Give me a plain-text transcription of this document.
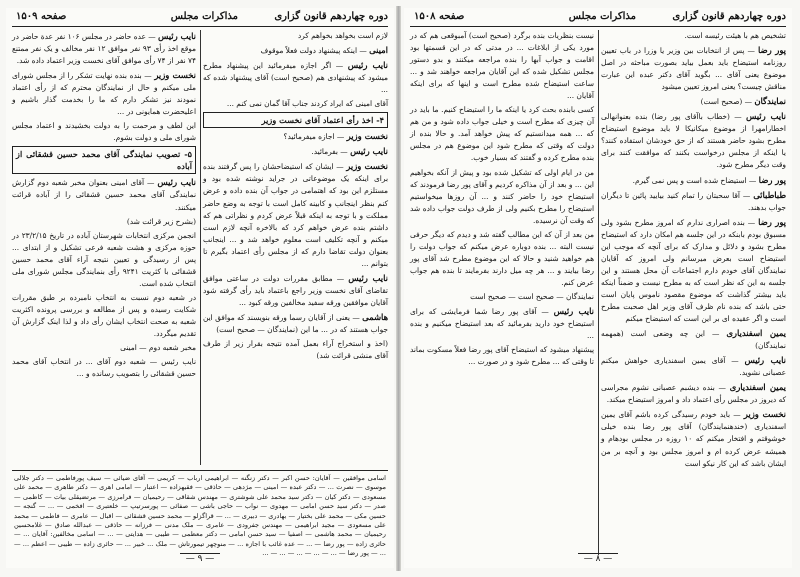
دوره چهاردهم قانون گزاری
مذاکرات مجلس
صفحه ۱۵۰۹

لازم است بخواهد بخواهم کرد

امینی — اینکه پیشنهاد دولت فعلاً موقوف

نایب رئیس — اگر اجازه میفرمائید این پیشنهاد مطرح میشود که پیشنهادی هم (صحیح است) آقای پیشنهاد شده که ...

آقای امینی که ایراد کردند جناب آقا گمان نمی کنم ...

۴- اخذ رأی اعتماد آقای نخست وزیر

نخست وزیر — اجازه میفرمائید؟

نایب رئیس — بفرمائید.

نخست وزیر — ایشان که استیضاحشان را پس گرفتند بنده برای اینکه یک موضوعاتی در جراید نوشته شده بود و مستلزم این بود که اهتمامی در جواب آن بنده داده و عرض کنم بنظر اینجانب و کابینه کامل است با توجه به وضع حاضر مملکت و با توجه به اینکه قبلاً عرض کردم و نظراتی هم که داشتم بنده عرض خواهم کرد که بالاخره آنچه لازم است میکنم و آنچه تکلیف است معلوم خواهد شد و ... اینجانب بعنوان دولت تقاضا دارم که از مجلس رأی اعتماد بگیرم تا بتوانم ...

نایب رئیس — مطابق مقررات دولت در ساعتی موافق تقاضای آقای نخست وزیر راجع باعتماد باید رأی گرفته شود آقایان موافقین ورقه سفید مخالفین ورقه کبود ...

هاشمی — یعنی از آقایان رسما ورقه بنویسند که موافق این جواب هستند که در ... ما این (نمایندگان — صحیح است)

(اخذ و استخراج آراء بعمل آمده نتیجه بقرار زیر از طرف آقای منشی قرائت شد)

نایب رئیس — عده حاضر در مجلس ۱۰۶ نفر عدة حاضر در موقع اخذ رأی ۹۳ نفر موافق ۱۲ نفر مخالف و یک نفر ممتنع ۷۴ نفر از ۷۴ رأی موافق آقای نخست وزیر اعتماد داده شد.

نخست وزیر — بنده بنده نهایت تشکر را از مجلس شورای ملی میکنم و حال از نمایندگان محترم که از رأی اعتماد نمودند نیز تشکر دارم که ما را بخدمت گذار باشیم و اعلیحضرت همایونی در ...

این لطف و مرحمت را به دولت بخشیدند و اعتماد مجلس شورای ملی و دولت بشوم.

۵- تصویب نمایندگی آقای محمد حسین قشقائی از آباده

نایب رئیس — آقای امینی بعنوان مخبر شعبه دوم گزارش نمایندگی آقای محمد حسین قشقائی را از آباده قرائت میکنند.

(بشرح زیر قرائت شد)

انجمن مرکزی انتخابات شهرستان آباده در تاریخ ۲۳/۲/۱۵ در حوزه مرکزی و هشت شعبه فرعی تشکیل و از ابتدای ... پس از رسیدگی و تعیین نتیجه آراء آقای محمد حسین قشقائی با کثریت ۹۲۴۱ رأی بنمایندگی مجلس شورای ملی انتخاب شده است.

در شعبه دوم نسبت به انتخاب نامبرده بر طبق مقررات شکایت رسیده و پس از مطالعه و بررسی پرونده اکثریت شعبه به صحت انتخاب ایشان رأی داد و لذا اینک گزارش آن تقدیم میگردد.

مخبر شعبه دوم — امینی

نایب رئیس — شعبه دوم آقای ... در انتخاب آقای محمد حسین قشقائی را بتصویب رسانده و ...

اسامی موافقین — آقایان: حسن اکبر — دکتر زنگنه — ابراهیمی ارباب — کریمی — آقای ضیائی — سیف پورفاطمی — دکتر جلالی موسوی — نصرت ... — دکتر عبده — امینی — مژدهی — حاذقی — فقیهزاده — اعتبار — امامی اهری — دکتر طاهری — محمد علی مسعودی — دکتر کیان — دکتر سید محمد علی شوشتری — مهندس شقاقی — رحیمیان — فرامرزی — مرتضیقلی بیات — کاظمی — صدر — دکتر سید حسن امامی — مهدوی — نواب — حاجی باشی — صفائی — پورسرتیپ — خلعتبری — افخمی — ... — گنجه — حسین مکی — محمد علی بختیار — بهادری — دبیری — ... — قراگزلو — محمد حسین قشقائی — اقبال — عامری — فاطمی — محمد علی مسعودی — مجید ابراهیمی — مهندس جفرودی — عامری — ملک مدنی — فرزانه — حاذقی — عبدالله صادق — غلامحسین رحیمیان — محمد هاشمی — اصفیا — سید حسن امامی — دکتر معظمی — طیبی — هدایتی — ... — اسامی مخالفین: آقایان ... — حائری زاده — پور رضا — ... — عده غائب با اجازه ... — منوچهر تیمورتاش — ملک ... خبیر ... — حائری زاده — طیبی — اعظم ... — ... — پور رضا — ... — ... — ... — ... — ...
— ۹ —
دوره چهاردهم قانون گزاری
مذاکرات مجلس
صفحه ۱۵۰۸

تشخیص هم با هیئت رئیسه است.

پور رضا — پس از انتخابات بین وزیر یا وزرا در باب تعیین روزنامه استیضاح باید بعمل بیاید بصورت مباحثه در اصل موضوع یعنی آقای ... بگوید آقای دکتر عبده این عبارت مناقش چیست؟ یعنی امروز تعیین میشود

نمایندگان — (صحیح است)

نایب رئیس — (خطاب باآقای پور رضا) بنده بعنوانهالی اخطارامهرا از موضوع میکانیکا لا باید موضوع استیضاح مطرح بشود حاضر هستند که از حق خودشان استفاده کنند؟ یا اینکه از مجلس درخواست بکنند که موافقت کنند برای وقت دیگر مطرح شود.

پور رضا — استیضاح شده است و پس نمی گیرم.

طباطبائی — آقا سحبتان را تمام کنید بیایید پائین تا دیگران جواب بدهند.

پور رضا — بنده اصراری ندارم که امروز مطرح بشود ولی مسبوق بودم بابنکه در این جلسه هم امکان دارد که استیضاح مطرح بشود و دلائل و مدارک که برای آنچه که موجب این استیضاح است بعرض میرسانم ولی امروز که آقایان نمایندگان آقای خودم دارم اجتماعات آن محل هستند و این جلسه به این که نظر است که به مطرح نیست و ضمناً اینکه باید بیشتر گذاشت که موضوع مقصود ناموس پایان است حتی باشد که بنده نام ظرف آقای وزیر اهل صحبت مطرح است و اگر عقیده ای بر این است که استیضاح میکنم

یمین اسفندیاری — این چه وضعی است (همهمه نمایندگان)

نایب رئیس — آقای یمین اسفندیاری خواهش میکنم عصبانی نشوید.

یمین اسفندیاری — بنده دیشبم عصبانی نشوم مجراسی که دیروز در مجلس رأی اعتماد داد و امروز استیضاح میکند.

نخست وزیر — باید خودم رسیدگی کرده باشم آقای یمین اسفندیاری (خندهنمایندگان) آقای پور رضا بنده خیلی خوشوقتم و افتخار میکنم که ۱۰ روزه در مجلس بودهام و همیشه عرض کرده ام و امروز مجلس بود و آنچه بر من ایشان باشد که این کار نیکو است

نیست بنظریات بنده برگرد (صحیح است) آمبوقعی هم که در مورد یکی از ابلاغات ... در مدتی که در این قسمتها بود اقامت و جواب آبها را بنده مراجعه میکنند و بدو دستور مجلس تشکیل شده که این آقایان مراجعه خواهند شد و ... ساعت استیضاح شده مطرح است و اینها که برای اینکه آقایان ...

کسی بابنده بحث کرد یا اینکه ما را استیضاح کنیم. ما باید در آن چیزی که مطرح است و خیلی جواب داده شود و من هم که ... همه میدانستیم که پیش خواهد آمد. و حالا بنده از دولت که وقتی که مطرح شود این موضوع هم در مجلس بنده مطرح کرده و گفتند که بسیار خوب.

من در ایام اولی که تشکیل شده بود و پیش از آنکه بخواهیم این ... و بعد از آن مذاکره کردیم و آقای پور رضا فرمودند که استیضاح خود را حاضر کنند و ... آن روزها میخواستیم استیضاح را مطرح بکنیم ولی از طرف دولت جواب داده شد که وقت آن نرسیده.

من بعد از آن که این مطالب گفته شد و دیدم که دیگر حرفی نیست البته ... بنده دوباره عرض میکنم که جواب دولت را هم خواهید شنید و حالا که این موضوع مطرح شد آقای پور رضا بیایند و ... هر چه میل دارند بفرمایند تا بنده هم جواب عرض کنم.

نمایندگان — صحیح است — صحیح است

نایب رئیس — آقای پور رضا شما فرمایشی که برای استیضاح خود دارید بفرمائید که بعد استیضاح میکنیم و بنده ...

پیشنهاد میشود که استیضاح آقای پور رضا فعلاً مسکوت بماند تا وقتی که ... مطرح شود و در صورت ...

— ۸ —
